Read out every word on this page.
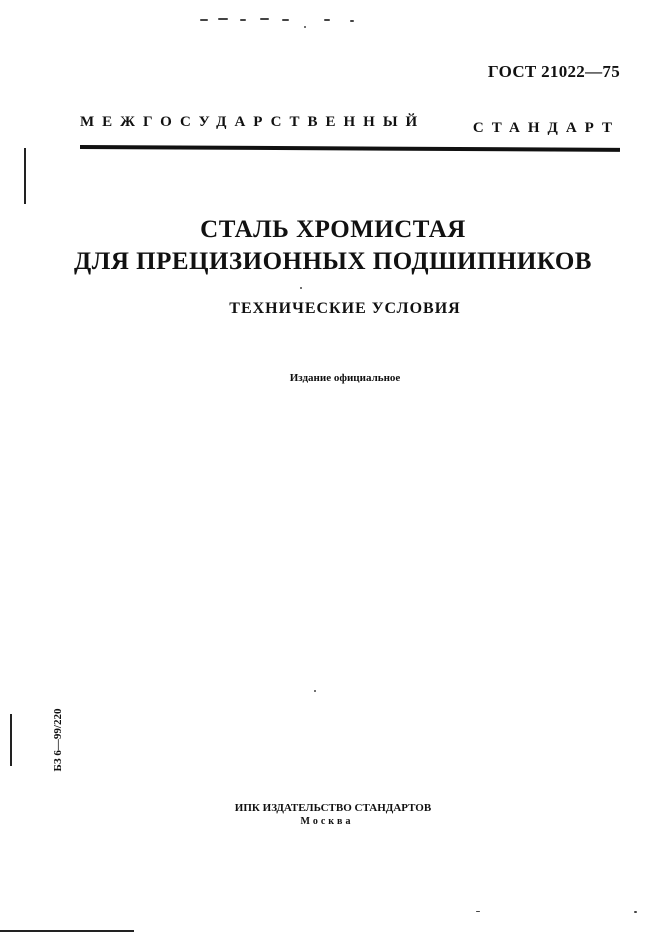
ГОСТ 21022—75
МЕЖГОСУДАРСТВЕННЫЙ	СТАНДАРТ
СТАЛЬ ХРОМИСТАЯ
ДЛЯ ПРЕЦИЗИОННЫХ ПОДШИПНИКОВ
ТЕХНИЧЕСКИЕ УСЛОВИЯ
Издание официальное
БЗ 6—99/220
ИПК ИЗДАТЕЛЬСТВО СТАНДАРТОВ
Москва
